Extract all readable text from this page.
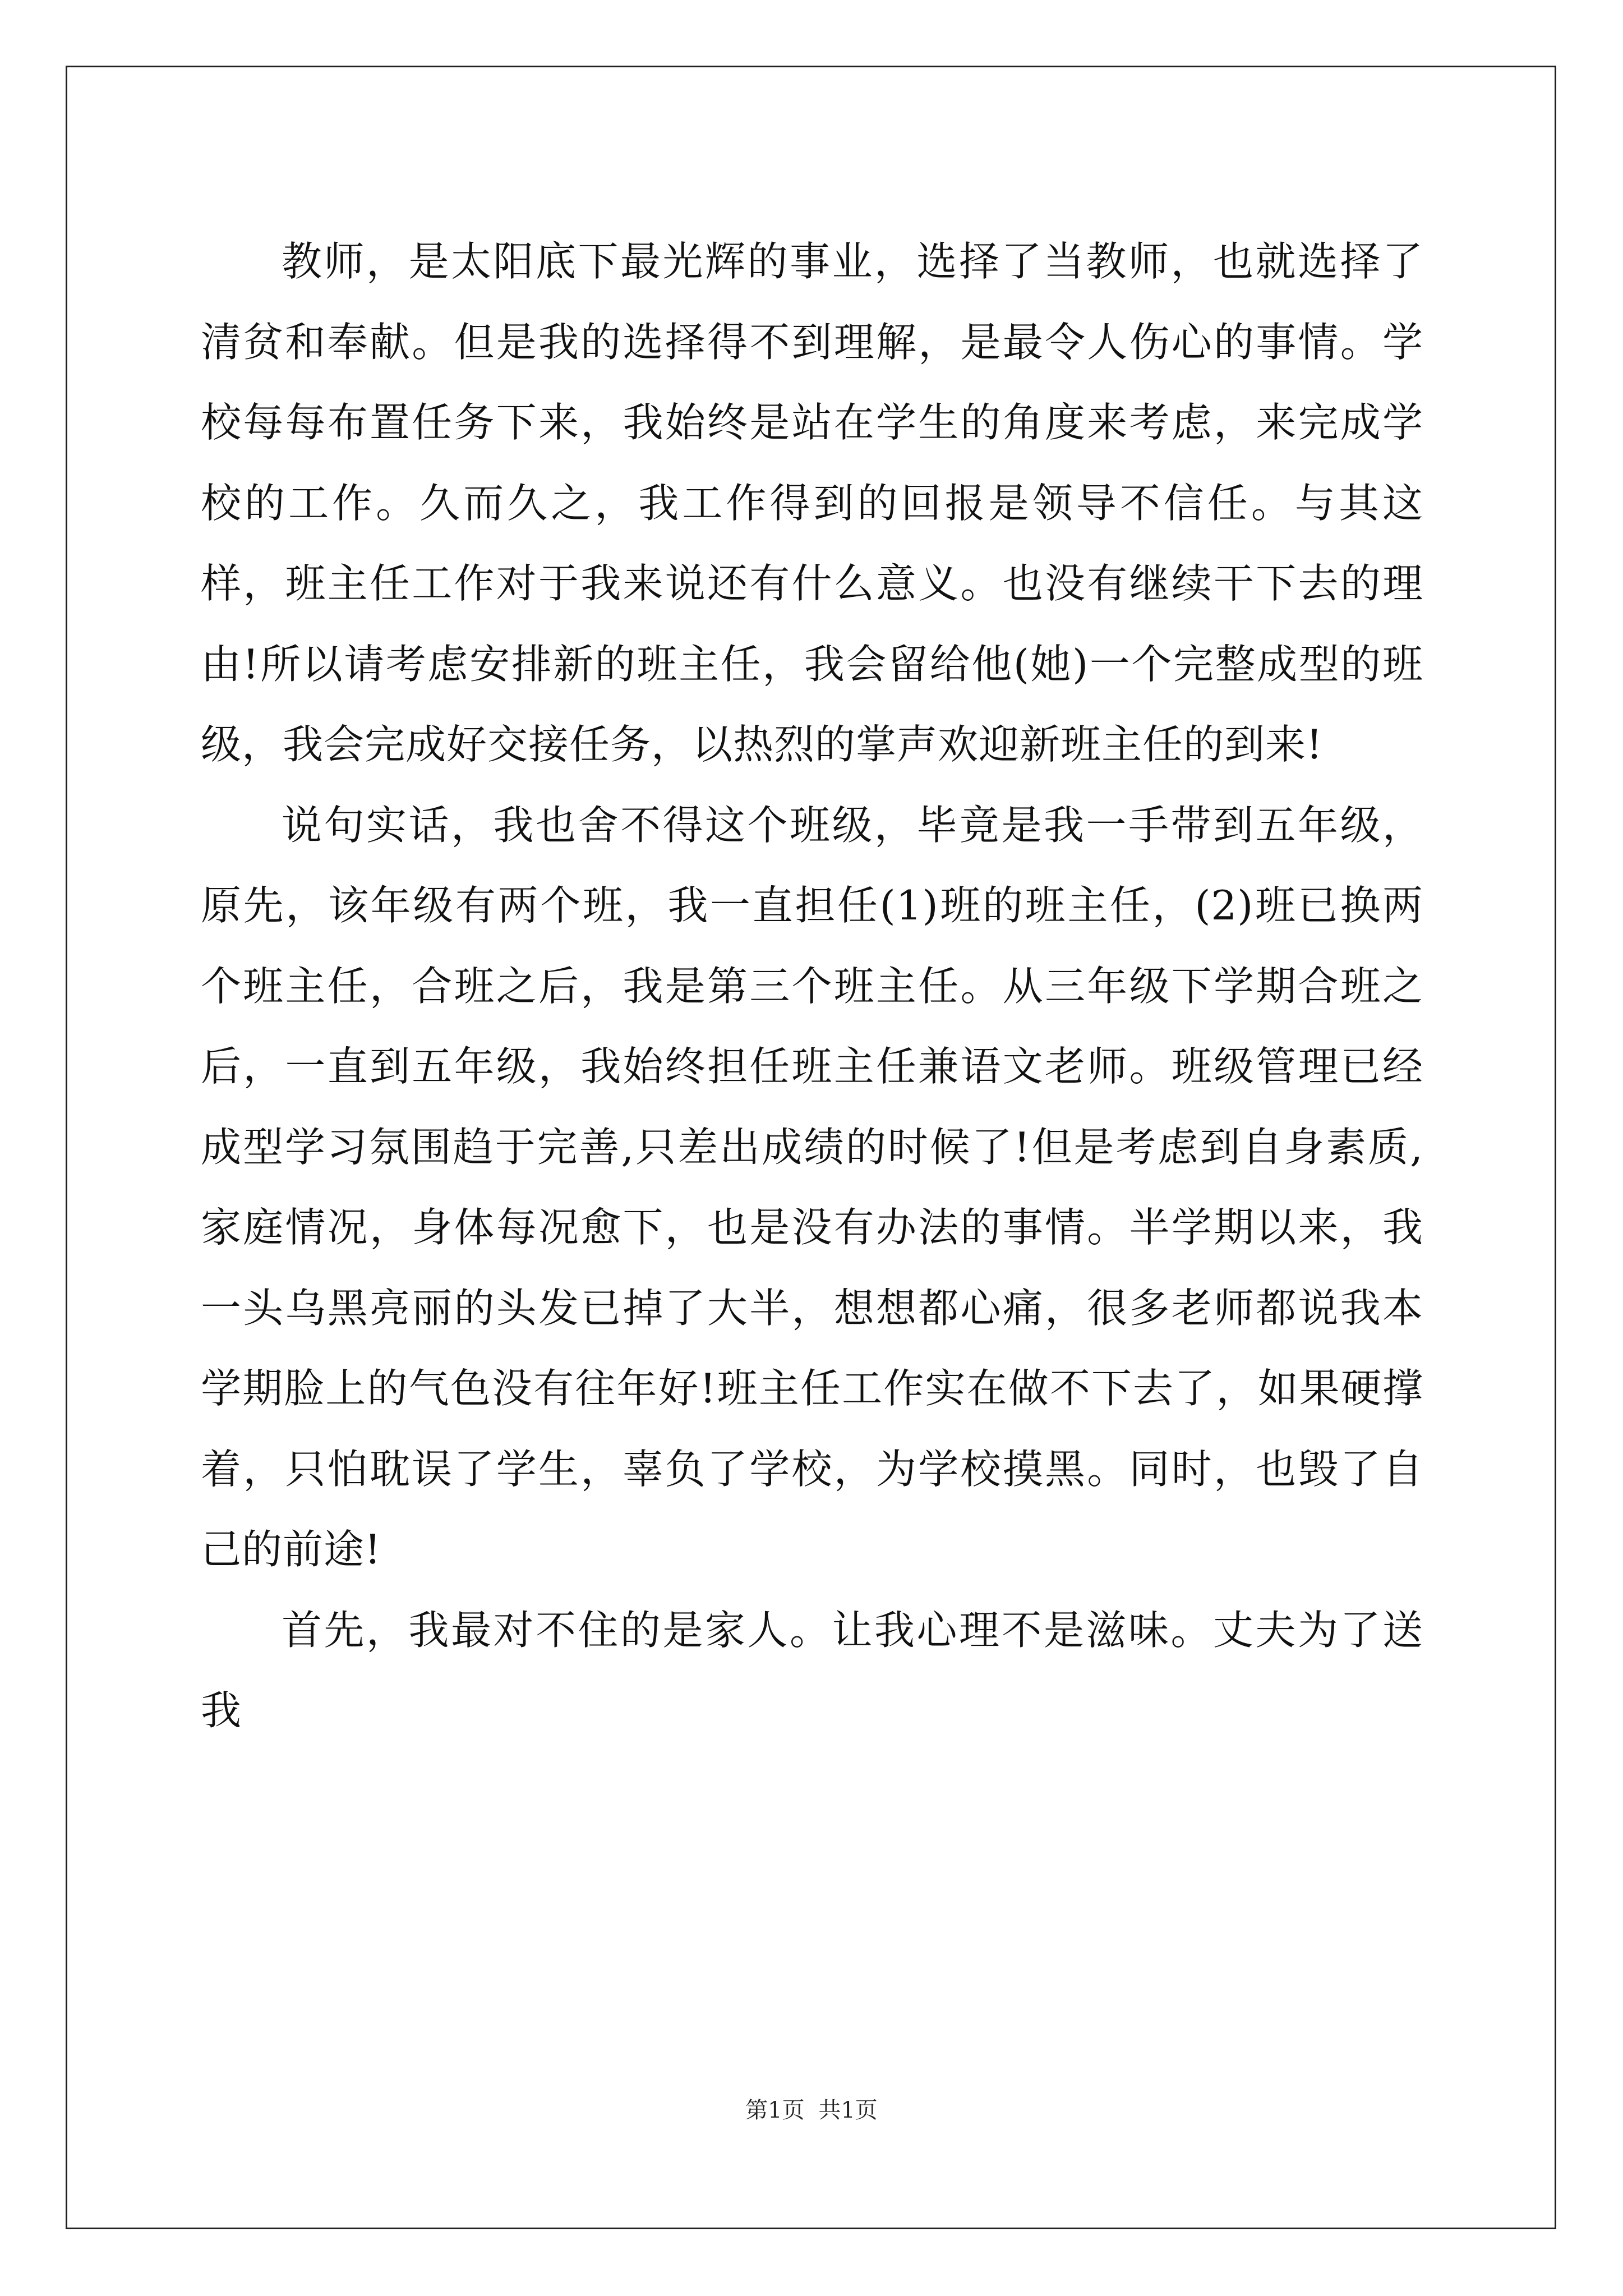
教师，是太阳底下最光辉的事业，选择了当教师，也就选择了清贫和奉献。但是我的选择得不到理解，是最令人伤心的事情。学校每每布置任务下来，我始终是站在学生的角度来考虑，来完成学校的工作。久而久之，我工作得到的回报是领导不信任。与其这样，班主任工作对于我来说还有什么意义。也没有继续干下去的理由!所以请考虑安排新的班主任，我会留给他(她)一个完整成型的班级，我会完成好交接任务，以热烈的掌声欢迎新班主任的到来!

说句实话，我也舍不得这个班级，毕竟是我一手带到五年级，原先，该年级有两个班，我一直担任(1)班的班主任，(2)班已换两个班主任，合班之后，我是第三个班主任。从三年级下学期合班之后，一直到五年级，我始终担任班主任兼语文老师。班级管理已经成型学习氛围趋于完善,只差出成绩的时候了!但是考虑到自身素质,家庭情况，身体每况愈下，也是没有办法的事情。半学期以来，我一头乌黑亮丽的头发已掉了大半，想想都心痛，很多老师都说我本学期脸上的气色没有往年好!班主任工作实在做不下去了，如果硬撑着，只怕耽误了学生，辜负了学校，为学校摸黑。同时，也毁了自己的前途!

首先，我最对不住的是家人。让我心理不是滋味。丈夫为了送我

第1页 共1页
